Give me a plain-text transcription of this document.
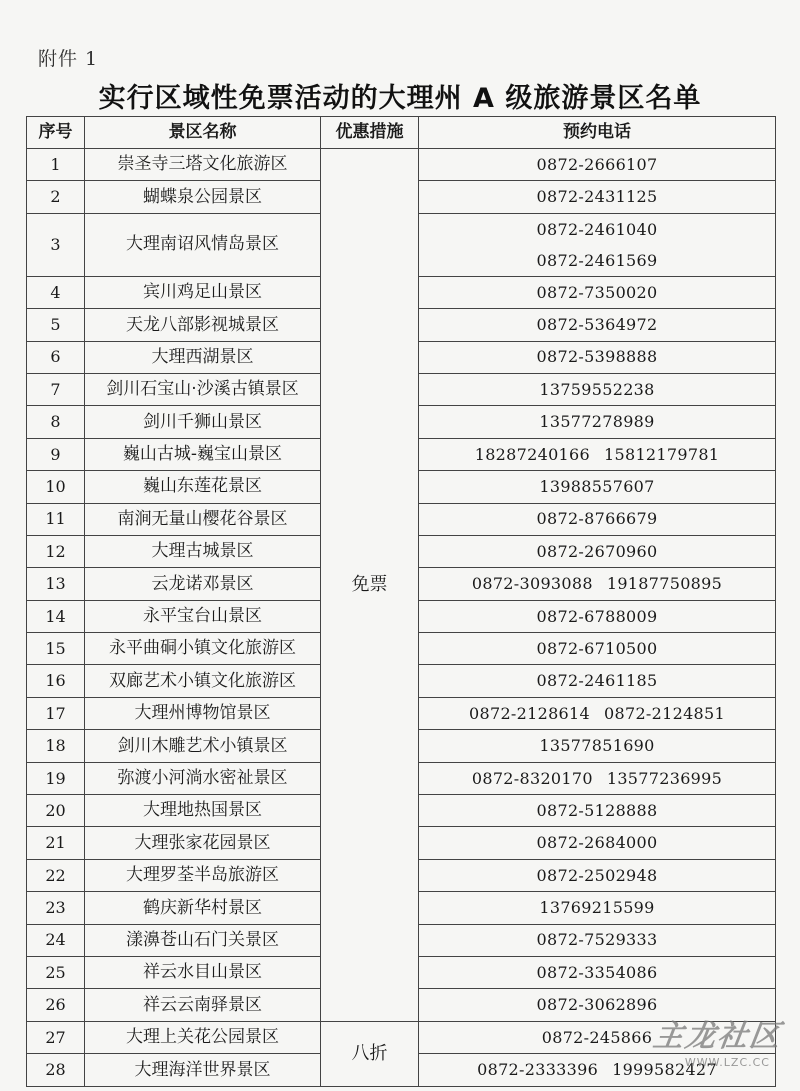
附件 1
实行区域性免票活动的大理州 A 级旅游景区名单
序号	景区名称	优惠措施	预约电话
1	崇圣寺三塔文化旅游区	免票	0872-2666107
2	蝴蝶泉公园景区		0872-2431125
3	大理南诏风情岛景区		0872-2461040
0872-2461569

4	宾川鸡足山景区		0872-7350020
5	天龙八部影视城景区		0872-5364972
6	大理西湖景区		0872-5398888
7	剑川石宝山·沙溪古镇景区		13759552238
8	剑川千狮山景区		13577278989
9	巍山古城-巍宝山景区		18287240166 15812179781
10	巍山东莲花景区		13988557607
11	南涧无量山樱花谷景区		0872-8766679
12	大理古城景区		0872-2670960
13	云龙诺邓景区		0872-3093088 19187750895
14	永平宝台山景区		0872-6788009
15	永平曲硐小镇文化旅游区		0872-6710500
16	双廊艺术小镇文化旅游区		0872-2461185
17	大理州博物馆景区		0872-2128614 0872-2124851
18	剑川木雕艺术小镇景区		13577851690
19	弥渡小河淌水密祉景区		0872-8320170 13577236995
20	大理地热国景区		0872-5128888
21	大理张家花园景区		0872-2684000
22	大理罗荃半岛旅游区		0872-2502948
23	鹤庆新华村景区		13769215599
24	漾濞苍山石门关景区		0872-7529333
25	祥云水目山景区		0872-3354086
26	祥云云南驿景区		0872-3062896
27	大理上关花公园景区	八折	0872-245866
28	大理海洋世界景区		0872-2333396 1999582427
主龙社区
WWW.LZC.CC
